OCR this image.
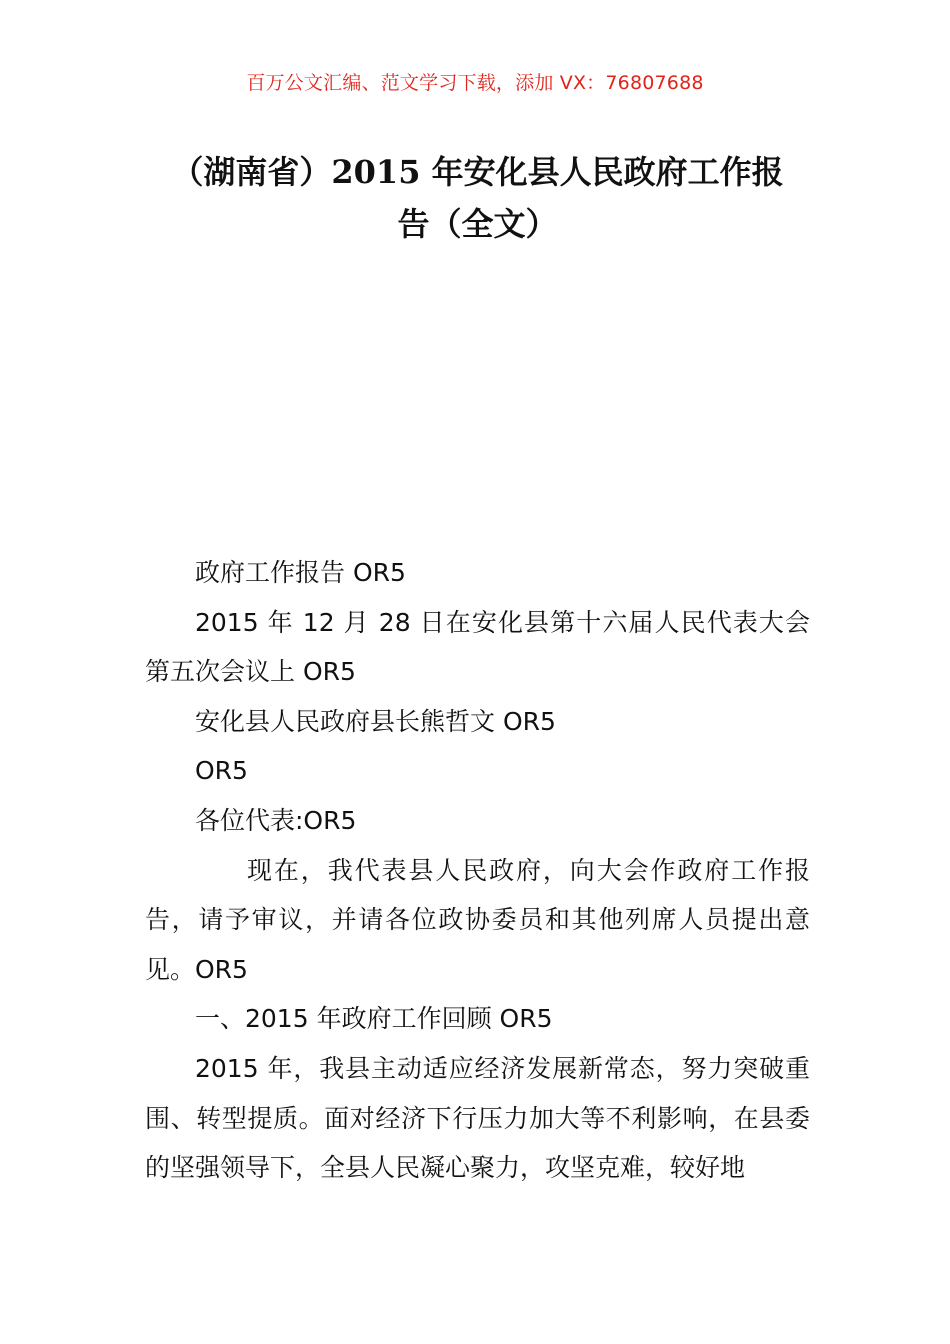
百万公文汇编、范文学习下载，添加 VX：76807688
（湖南省）2015 年安化县人民政府工作报
告（全文）

政府工作报告 OR5

2015 年 12 月 28 日在安化县第十六届人民代表大会第五次会议上 OR5

安化县人民政府县长熊哲文 OR5

OR5

各位代表:OR5

现在，我代表县人民政府，向大会作政府工作报告，请予审议，并请各位政协委员和其他列席人员提出意见。OR5

一、2015 年政府工作回顾 OR5

2015 年，我县主动适应经济发展新常态，努力突破重围、转型提质。面对经济下行压力加大等不利影响，在县委的坚强领导下，全县人民凝心聚力，攻坚克难，较好地
